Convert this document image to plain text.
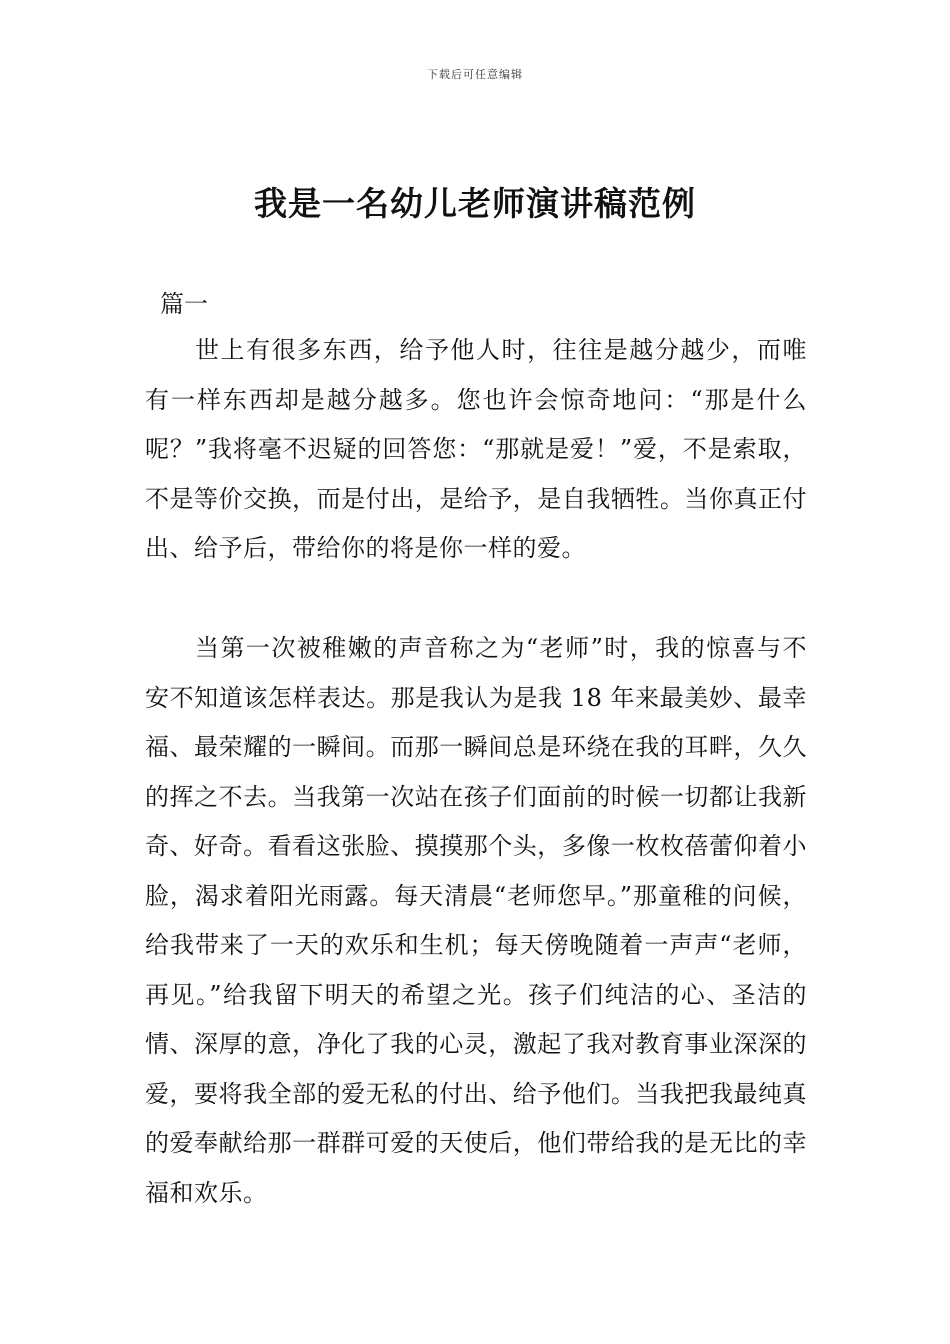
下载后可任意编辑
我是一名幼儿老师演讲稿范例
篇一

世上有很多东西，给予他人时，往往是越分越少，而唯有一样东西却是越分越多。您也许会惊奇地问：“那是什么呢？”我将毫不迟疑的回答您：“那就是爱！”爱，不是索取，不是等价交换，而是付出，是给予，是自我牺牲。当你真正付出、给予后，带给你的将是你一样的爱。

当第一次被稚嫩的声音称之为“老师”时，我的惊喜与不安不知道该怎样表达。那是我认为是我 18 年来最美妙、最幸福、最荣耀的一瞬间。而那一瞬间总是环绕在我的耳畔，久久的挥之不去。当我第一次站在孩子们面前的时候一切都让我新奇、好奇。看看这张脸、摸摸那个头，多像一枚枚蓓蕾仰着小脸，渴求着阳光雨露。每天清晨“老师您早。”那童稚的问候，给我带来了一天的欢乐和生机；每天傍晚随着一声声“老师，再见。”给我留下明天的希望之光。孩子们纯洁的心、圣洁的情、深厚的意，净化了我的心灵，激起了我对教育事业深深的爱，要将我全部的爱无私的付出、给予他们。当我把我最纯真的爱奉献给那一群群可爱的天使后，他们带给我的是无比的幸福和欢乐。
